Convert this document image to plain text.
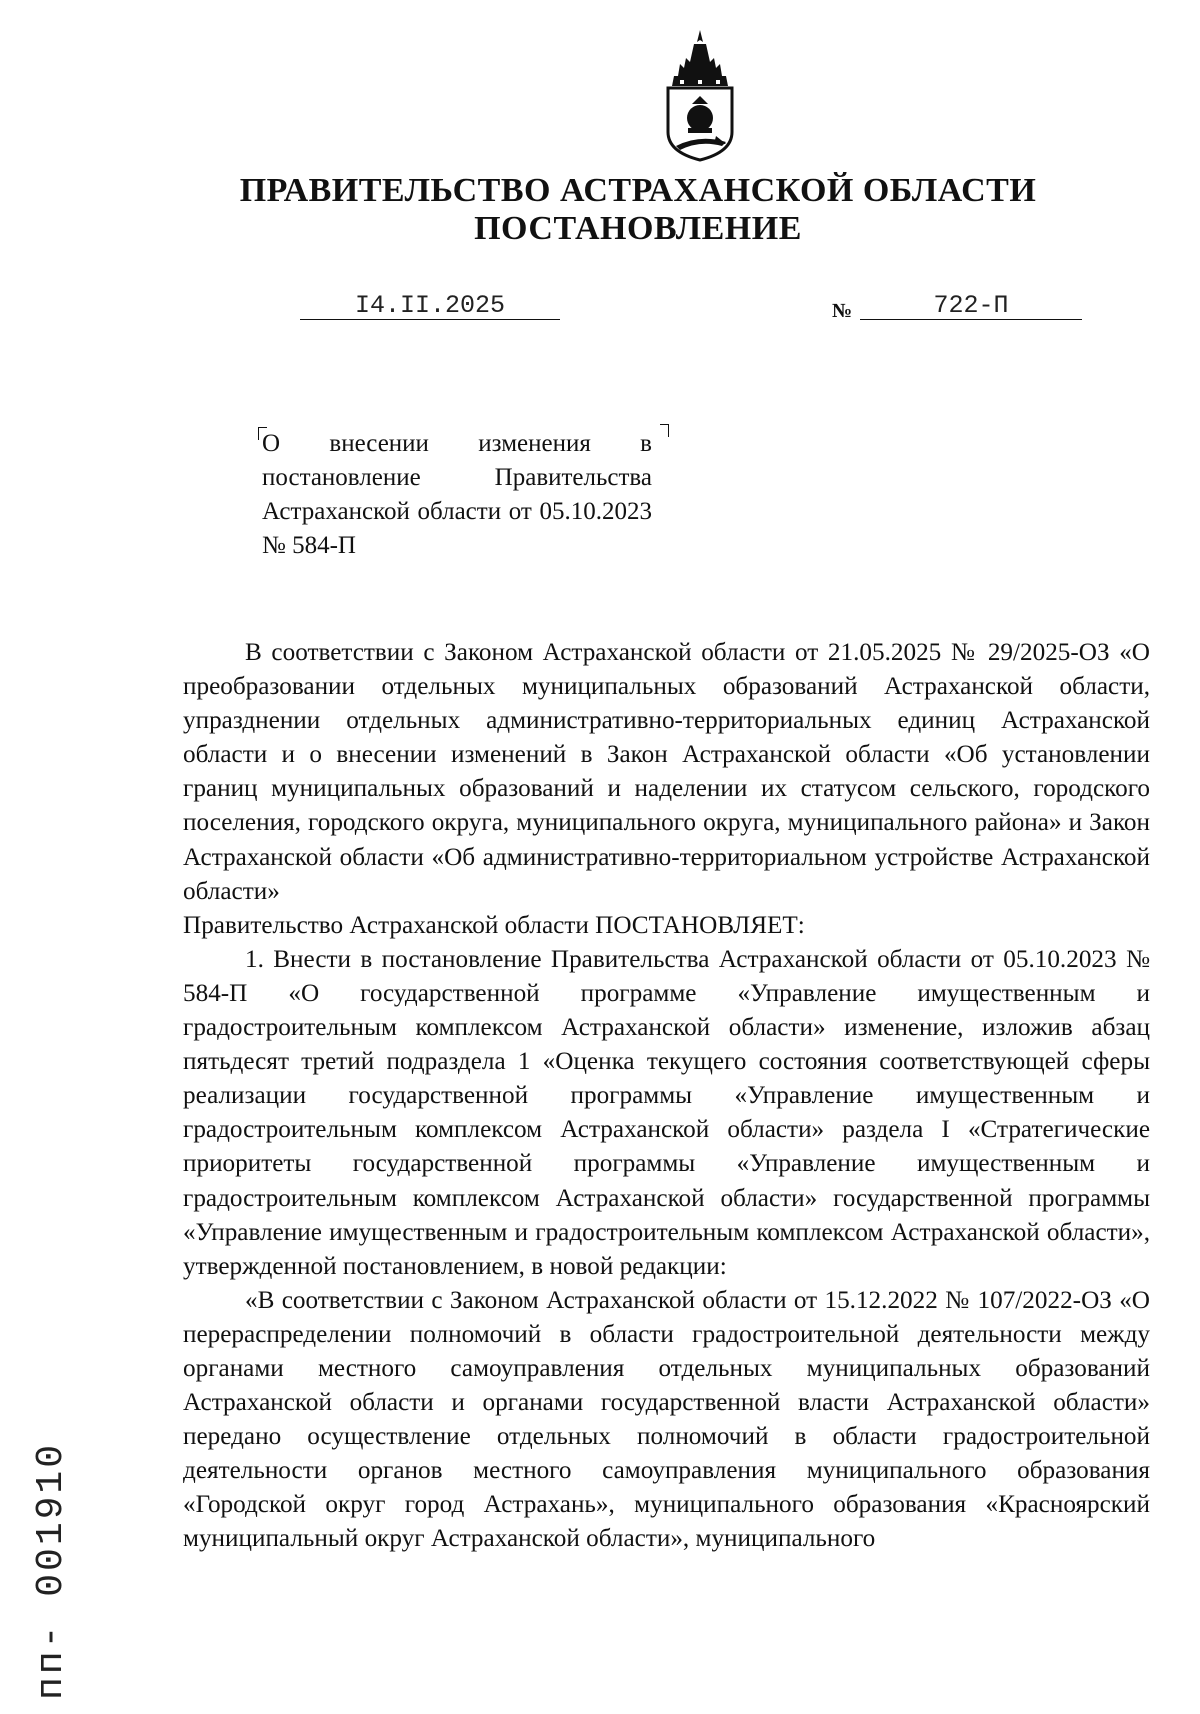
ПРАВИТЕЛЬСТВО АСТРАХАНСКОЙ ОБЛАСТИ
ПОСТАНОВЛЕНИЕ
I4.II.2025	№	722-П
О внесении изменения в постановление Правительства Астраханской области от 05.10.2023 № 584-П

В соответствии с Законом Астраханской области от 21.05.2025 № 29/2025-ОЗ «О преобразовании отдельных муниципальных образований Астраханской области, упразднении отдельных административно-территориальных единиц Астраханской области и о внесении изменений в Закон Астраханской области «Об установлении границ муниципальных образований и наделении их статусом сельского, городского поселения, городского округа, муниципального округа, муниципального района» и Закон Астраханской области «Об административно-территориальном устройстве Астраханской области»

Правительство Астраханской области ПОСТАНОВЛЯЕТ:

1. Внести в постановление Правительства Астраханской области от 05.10.2023 № 584-П «О государственной программе «Управление имущественным и градостроительным комплексом Астраханской области» изменение, изложив абзац пятьдесят третий подраздела 1 «Оценка текущего состояния соответствующей сферы реализации государственной программы «Управление имущественным и градостроительным комплексом Астраханской области» раздела I «Стратегические приоритеты государственной программы «Управление имущественным и градостроительным комплексом Астраханской области» государственной программы «Управление имущественным и градостроительным комплексом Астраханской области», утвержденной постановлением, в новой редакции:

«В соответствии с Законом Астраханской области от 15.12.2022 № 107/2022-ОЗ «О перераспределении полномочий в области градостроительной деятельности между органами местного самоуправления отдельных муниципальных образований Астраханской области и органами государственной власти Астраханской области» передано осуществление отдельных полномочий в области градостроительной деятельности органов местного самоуправления муниципального образования «Городской округ город Астрахань», муниципального образования «Красноярский муниципальный округ Астраханской области», муниципального

пп- 001910
